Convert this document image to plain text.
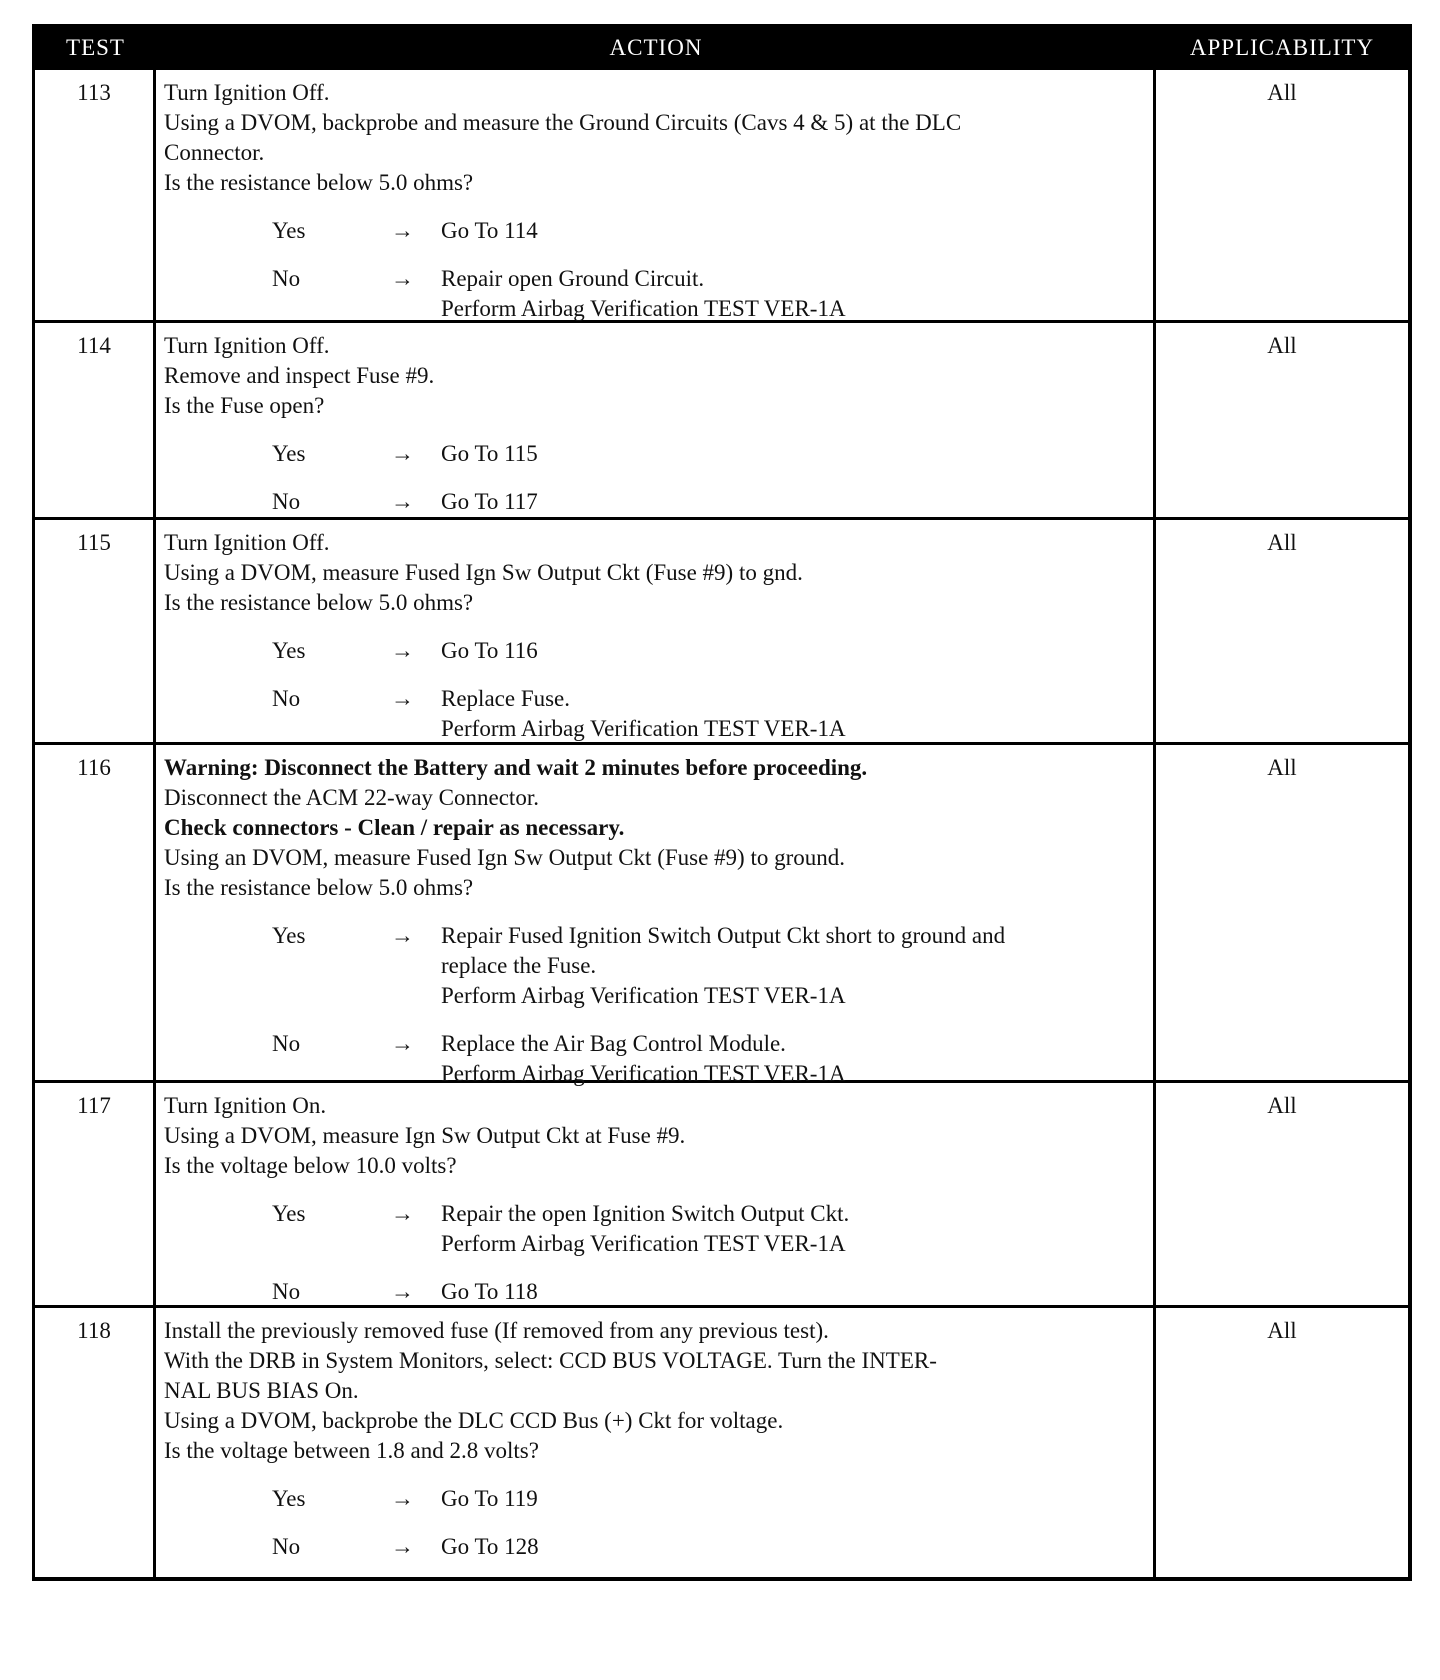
TEST	ACTION	APPLICABILITY
113	Turn Ignition Off.
Using a DVOM, backprobe and measure the Ground Circuits (Cavs 4 & 5) at the DLC
Connector.
Is the resistance below 5.0 ohms?
Yes	→	Go To 114
No	→	Repair open Ground Circuit.
Perform Airbag Verification TEST VER-1A
All
114	Turn Ignition Off.
Remove and inspect Fuse #9.
Is the Fuse open?
Yes	→	Go To 115
No	→	Go To 117
All
115	Turn Ignition Off.
Using a DVOM, measure Fused Ign Sw Output Ckt (Fuse #9) to gnd.
Is the resistance below 5.0 ohms?
Yes	→	Go To 116
No	→	Replace Fuse.
Perform Airbag Verification TEST VER-1A
All
116	Warning: Disconnect the Battery and wait 2 minutes before proceeding.
Disconnect the ACM 22-way Connector.
Check connectors - Clean / repair as necessary.
Using an DVOM, measure Fused Ign Sw Output Ckt (Fuse #9) to ground.
Is the resistance below 5.0 ohms?
Yes	→	Repair Fused Ignition Switch Output Ckt short to ground and
replace the Fuse.
Perform Airbag Verification TEST VER-1A
No	→	Replace the Air Bag Control Module.
Perform Airbag Verification TEST VER-1A
All
117	Turn Ignition On.
Using a DVOM, measure Ign Sw Output Ckt at Fuse #9.
Is the voltage below 10.0 volts?
Yes	→	Repair the open Ignition Switch Output Ckt.
Perform Airbag Verification TEST VER-1A
No	→	Go To 118
All
118	Install the previously removed fuse (If removed from any previous test).
With the DRB in System Monitors, select: CCD BUS VOLTAGE. Turn the INTER-
NAL BUS BIAS On.
Using a DVOM, backprobe the DLC CCD Bus (+) Ckt for voltage.
Is the voltage between 1.8 and 2.8 volts?
Yes	→	Go To 119
No	→	Go To 128
All
